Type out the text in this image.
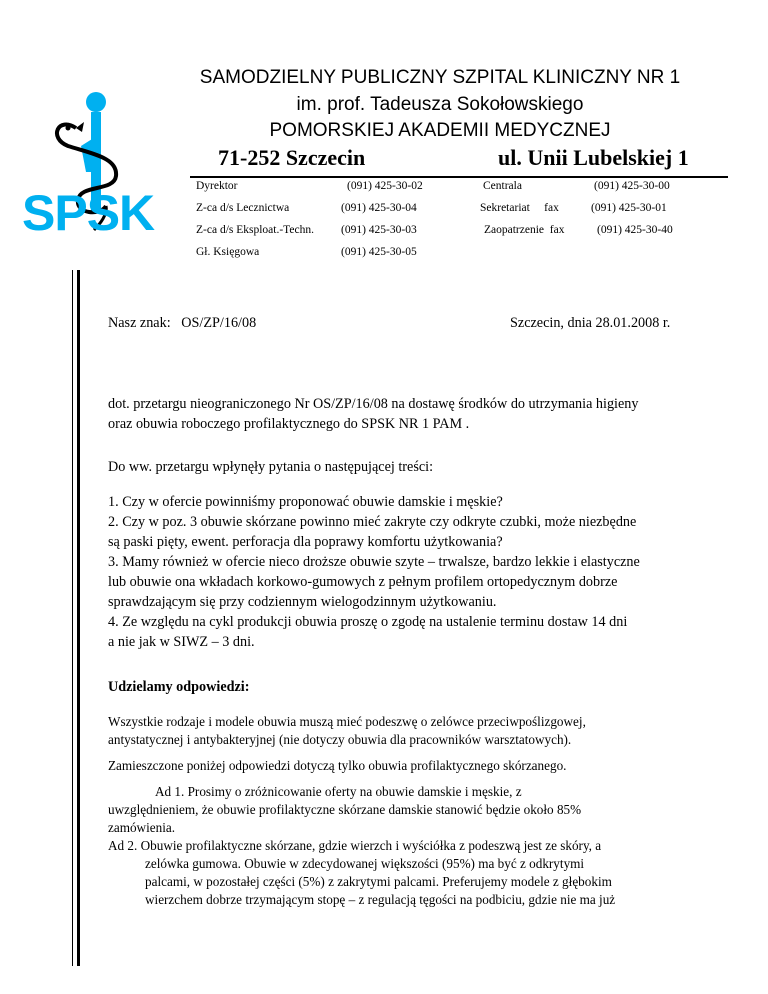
SPSK
SAMODZIELNY PUBLICZNY SZPITAL KLINICZNY NR 1
im. prof. Tadeusza Sokołowskiego
POMORSKIEJ AKADEMII MEDYCZNEJ
71-252 Szczecin	ul. Unii Lubelskiej 1
Dyrektor	(091) 425-30-02	Centrala	(091) 425-30-00
Z-ca d/s Lecznictwa	(091) 425-30-04	Sekretariat     fax	(091) 425-30-01
Z-ca d/s Eksploat.-Techn. (091) 425-30-03	Zaopatrzenie  fax	(091) 425-30-40
Gł. Księgowa	(091) 425-30-05
Nasz znak:   OS/ZP/16/08	Szczecin, dnia 28.01.2008 r.
dot. przetargu nieograniczonego Nr OS/ZP/16/08 na dostawę środków do utrzymania higieny
oraz obuwia roboczego profilaktycznego do SPSK NR 1 PAM .
Do ww. przetargu wpłynęły pytania o następującej treści:
1. Czy w ofercie powinniśmy proponować obuwie damskie i męskie?
2. Czy w poz. 3 obuwie skórzane powinno mieć zakryte czy odkryte czubki, może niezbędne
są paski pięty, ewent. perforacja dla poprawy komfortu użytkowania?
3. Mamy również w ofercie nieco droższe obuwie szyte – trwalsze, bardzo lekkie i elastyczne
lub obuwie ona wkładach korkowo-gumowych z pełnym profilem ortopedycznym dobrze
sprawdzającym się przy codziennym wielogodzinnym użytkowaniu.
4. Ze względu na cykl produkcji obuwia proszę o zgodę na ustalenie terminu dostaw 14 dni
a nie jak w SIWZ – 3 dni.
Udzielamy odpowiedzi:
Wszystkie rodzaje i modele obuwia muszą mieć podeszwę o zelówce przeciwpoślizgowej,
antystatycznej i antybakteryjnej (nie dotyczy obuwia dla pracowników warsztatowych).
Zamieszczone poniżej odpowiedzi dotyczą tylko obuwia profilaktycznego skórzanego.
Ad 1. Prosimy o zróżnicowanie oferty na obuwie damskie i męskie, z
uwzględnieniem, że obuwie profilaktyczne skórzane damskie stanowić będzie około 85%
zamówienia.
Ad 2. Obuwie profilaktyczne skórzane, gdzie wierzch i wyściółka z podeszwą jest ze skóry, a
zelówka gumowa. Obuwie w zdecydowanej większości (95%) ma być z odkrytymi
palcami, w pozostałej części (5%) z zakrytymi palcami. Preferujemy modele z głębokim
wierzchem dobrze trzymającym stopę – z regulacją tęgości na podbiciu, gdzie nie ma już
